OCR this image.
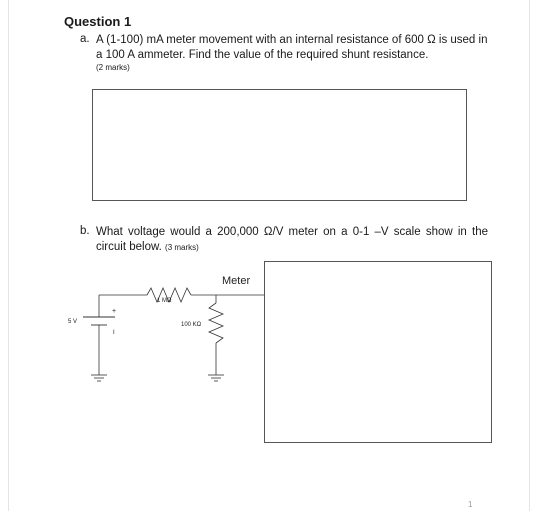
Question 1
a. A (1-100) mA meter movement with an internal resistance of 600 Ω is used in a 100 A ammeter. Find the value of the required shunt resistance.
(2 marks)
b. What voltage would a 200,000 Ω/V meter on a 0-1 –V scale show in the circuit below. (3 marks)
Meter
1 MΩ
100 KΩ
5 V
+
I
1
